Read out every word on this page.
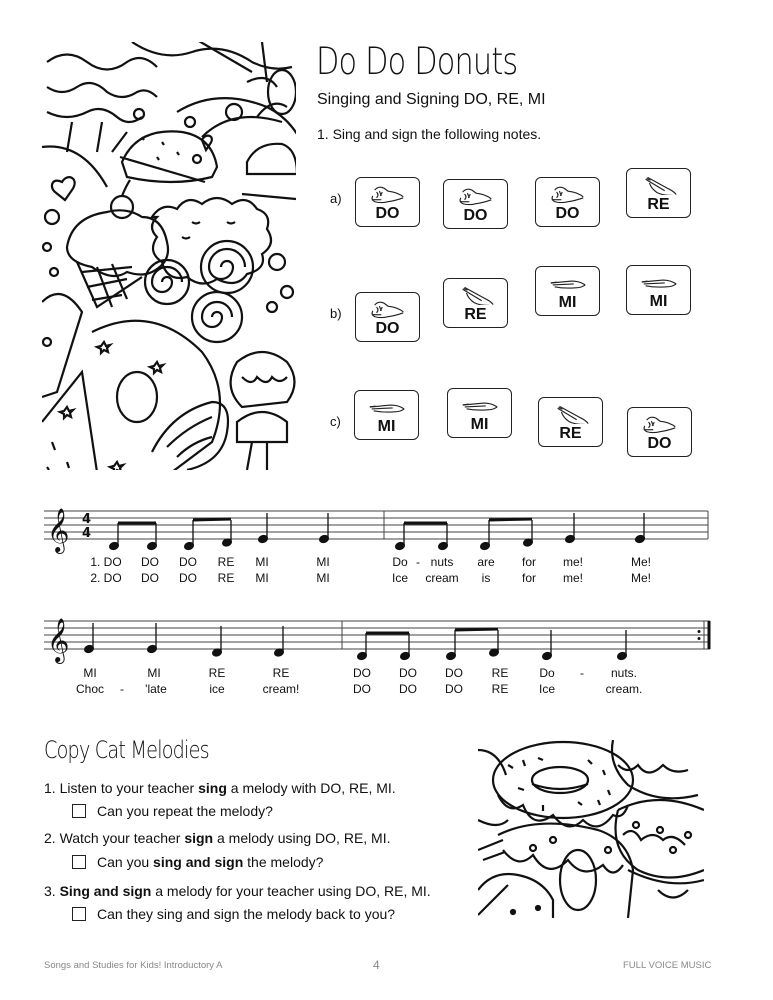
Do Do Donuts
Singing and Signing DO, RE, MI
1. Sing and sign the following notes.
a)
b)
c)
DO	DO	DO
RE
DO
RE
MI	MI
MI	MI
RE
DO
𝄞 4
4
1. DO DO DO RE MI	MI	Do - nuts are for me!	Me!
2. DO DO DO RE MI	MI	Ice cream is	for me!	Me!
𝄞
MI	MI	RE	RE	DO DO DO RE	Do - nuts.
Choc - 'late	ice	cream!	DO DO DO RE	Ice	cream.
Copy Cat Melodies
1. Listen to your teacher sing a melody with DO, RE, MI.
Can you repeat the melody?
2. Watch your teacher sign a melody using DO, RE, MI.
Can you sing and sign the melody?
3. Sing and sign a melody for your teacher using DO, RE, MI.
Can they sing and sign the melody back to you?
Songs and Studies for Kids! Introductory A	4	FULL VOICE MUSIC
